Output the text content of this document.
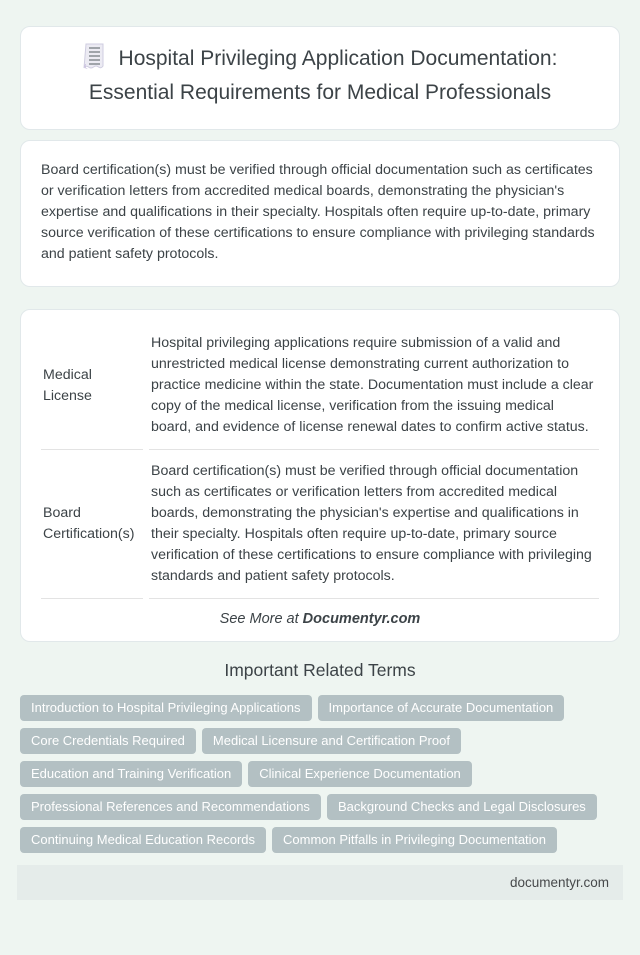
Hospital Privileging Application Documentation: Essential Requirements for Medical Professionals

Board certification(s) must be verified through official documentation such as certificates or verification letters from accredited medical boards, demonstrating the physician's expertise and qualifications in their specialty. Hospitals often require up-to-date, primary source verification of these certifications to ensure compliance with privileging standards and patient safety protocols.

Medical License	Hospital privileging applications require submission of a valid and unrestricted medical license demonstrating current authorization to practice medicine within the state. Documentation must include a clear copy of the medical license, verification from the issuing medical board, and evidence of license renewal dates to confirm active status.
Board Certification(s)	Board certification(s) must be verified through official documentation such as certificates or verification letters from accredited medical boards, demonstrating the physician's expertise and qualifications in their specialty. Hospitals often require up-to-date, primary source verification of these certifications to ensure compliance with privileging standards and patient safety protocols.
See More at Documentyr.com
Important Related Terms
Introduction to Hospital Privileging Applications	Importance of Accurate Documentation
Core Credentials Required	Medical Licensure and Certification Proof
Education and Training Verification	Clinical Experience Documentation
Professional References and Recommendations	Background Checks and Legal Disclosures
Continuing Medical Education Records	Common Pitfalls in Privileging Documentation
documentyr.com
